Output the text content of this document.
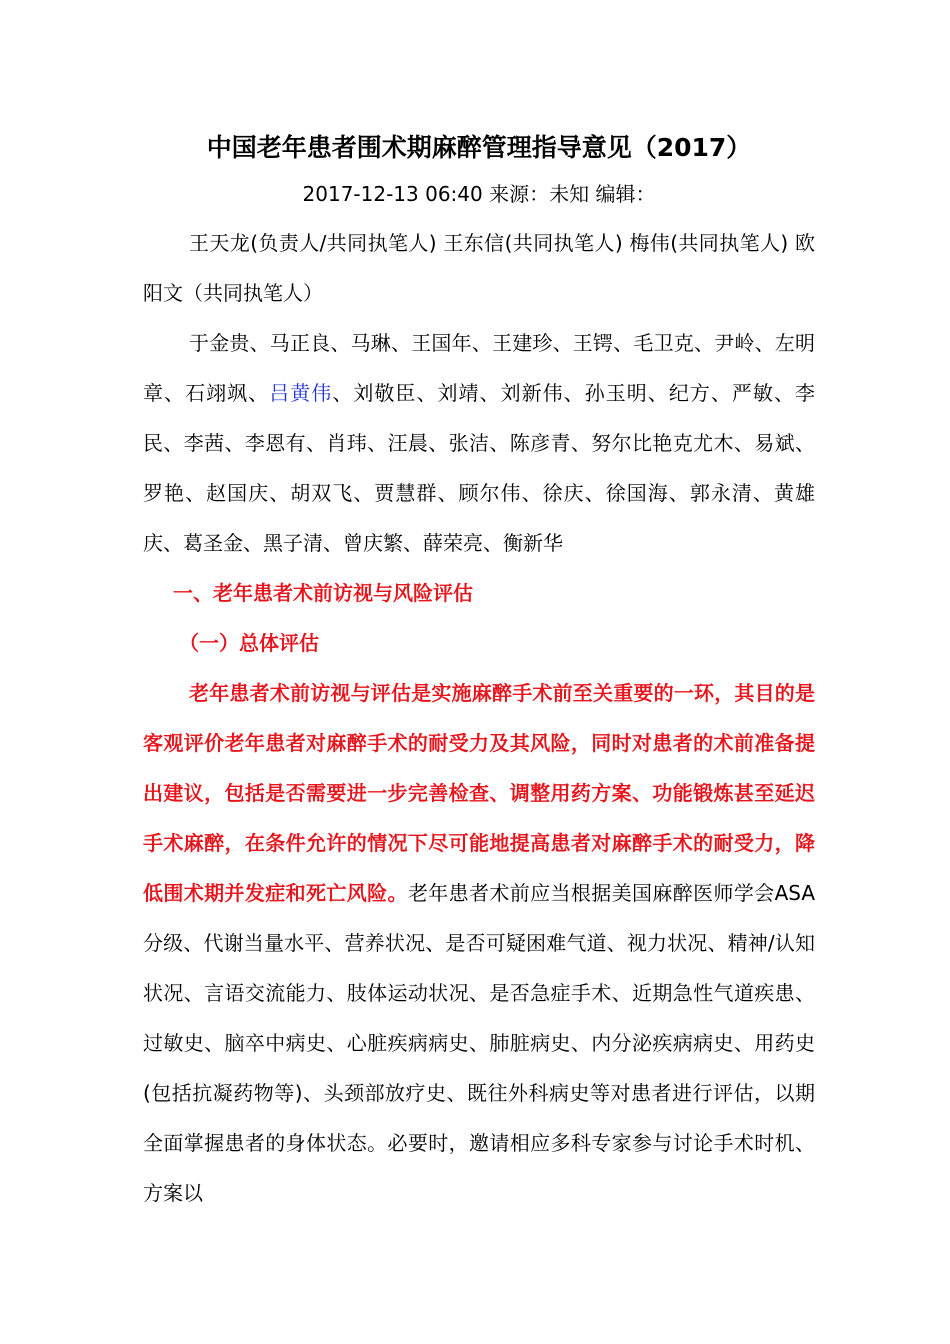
中国老年患者围术期麻醉管理指导意见（2017）

2017-12-13 06:40 来源：未知 编辑：

王天龙(负责人/共同执笔人) 王东信(共同执笔人) 梅伟(共同执笔人) 欧阳文（共同执笔人）

于金贵、马正良、马琳、王国年、王建珍、王锷、毛卫克、尹岭、左明章、石翊飒、吕黄伟、刘敬臣、刘靖、刘新伟、孙玉明、纪方、严敏、李民、李茜、李恩有、肖玮、汪晨、张洁、陈彦青、努尔比艳克尤木、易斌、罗艳、赵国庆、胡双飞、贾慧群、顾尔伟、徐庆、徐国海、郭永清、黄雄庆、葛圣金、黑子清、曾庆繁、薛荣亮、衡新华

一、老年患者术前访视与风险评估

（一）总体评估

老年患者术前访视与评估是实施麻醉手术前至关重要的一环，其目的是客观评价老年患者对麻醉手术的耐受力及其风险，同时对患者的术前准备提出建议，包括是否需要进一步完善检查、调整用药方案、功能锻炼甚至延迟手术麻醉，在条件允许的情况下尽可能地提高患者对麻醉手术的耐受力，降低围术期并发症和死亡风险。老年患者术前应当根据美国麻醉医师学会ASA分级、代谢当量水平、营养状况、是否可疑困难气道、视力状况、精神/认知状况、言语交流能力、肢体运动状况、是否急症手术、近期急性气道疾患、过敏史、脑卒中病史、心脏疾病病史、肺脏病史、内分泌疾病病史、用药史(包括抗凝药物等)、头颈部放疗史、既往外科病史等对患者进行评估，以期全面掌握患者的身体状态。必要时，邀请相应多科专家参与讨论手术时机、方案以
